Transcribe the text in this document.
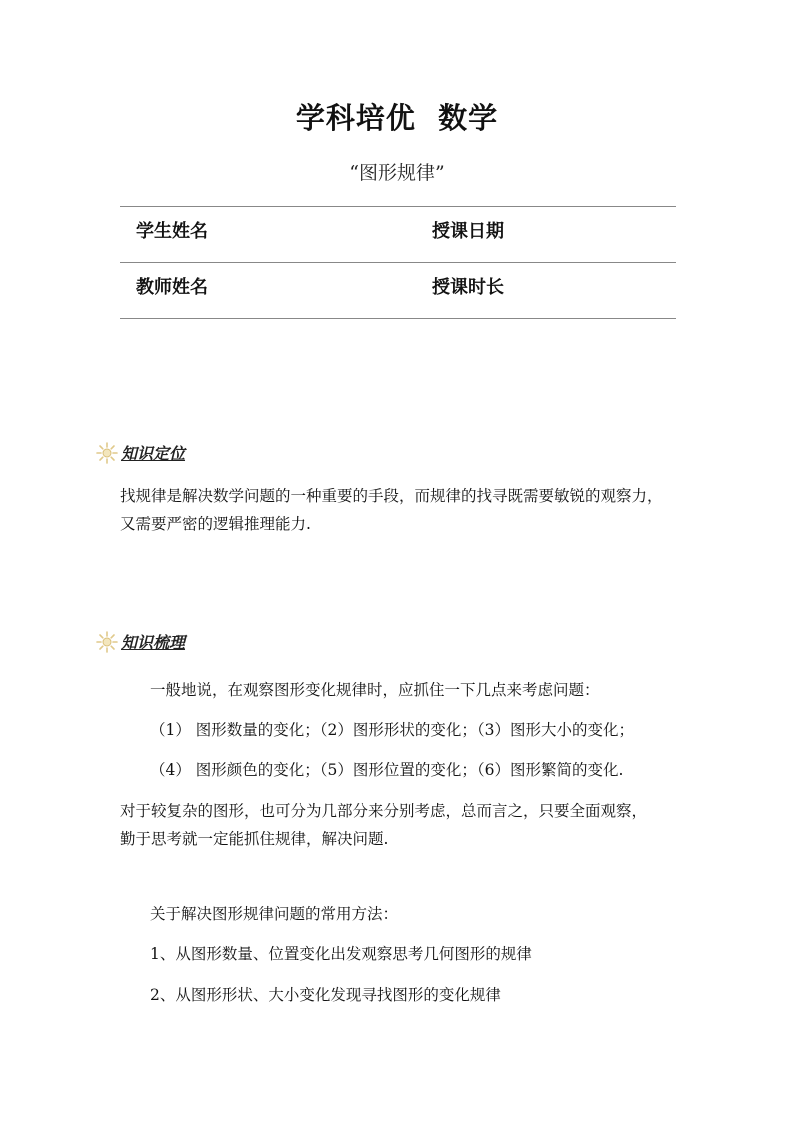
学科培优  数学
“图形规律”
学生姓名	授课日期
教师姓名	授课时长
知识定位
找规律是解决数学问题的一种重要的手段，而规律的找寻既需要敏锐的观察力，
又需要严密的逻辑推理能力.
知识梳理
一般地说，在观察图形变化规律时，应抓住一下几点来考虑问题：
（1） 图形数量的变化；（2）图形形状的变化；（3）图形大小的变化；
（4） 图形颜色的变化；（5）图形位置的变化；（6）图形繁简的变化.
对于较复杂的图形，也可分为几部分来分别考虑，总而言之，只要全面观察，
勤于思考就一定能抓住规律，解决问题.
关于解决图形规律问题的常用方法：
1、从图形数量、位置变化出发观察思考几何图形的规律
2、从图形形状、大小变化发现寻找图形的变化规律
